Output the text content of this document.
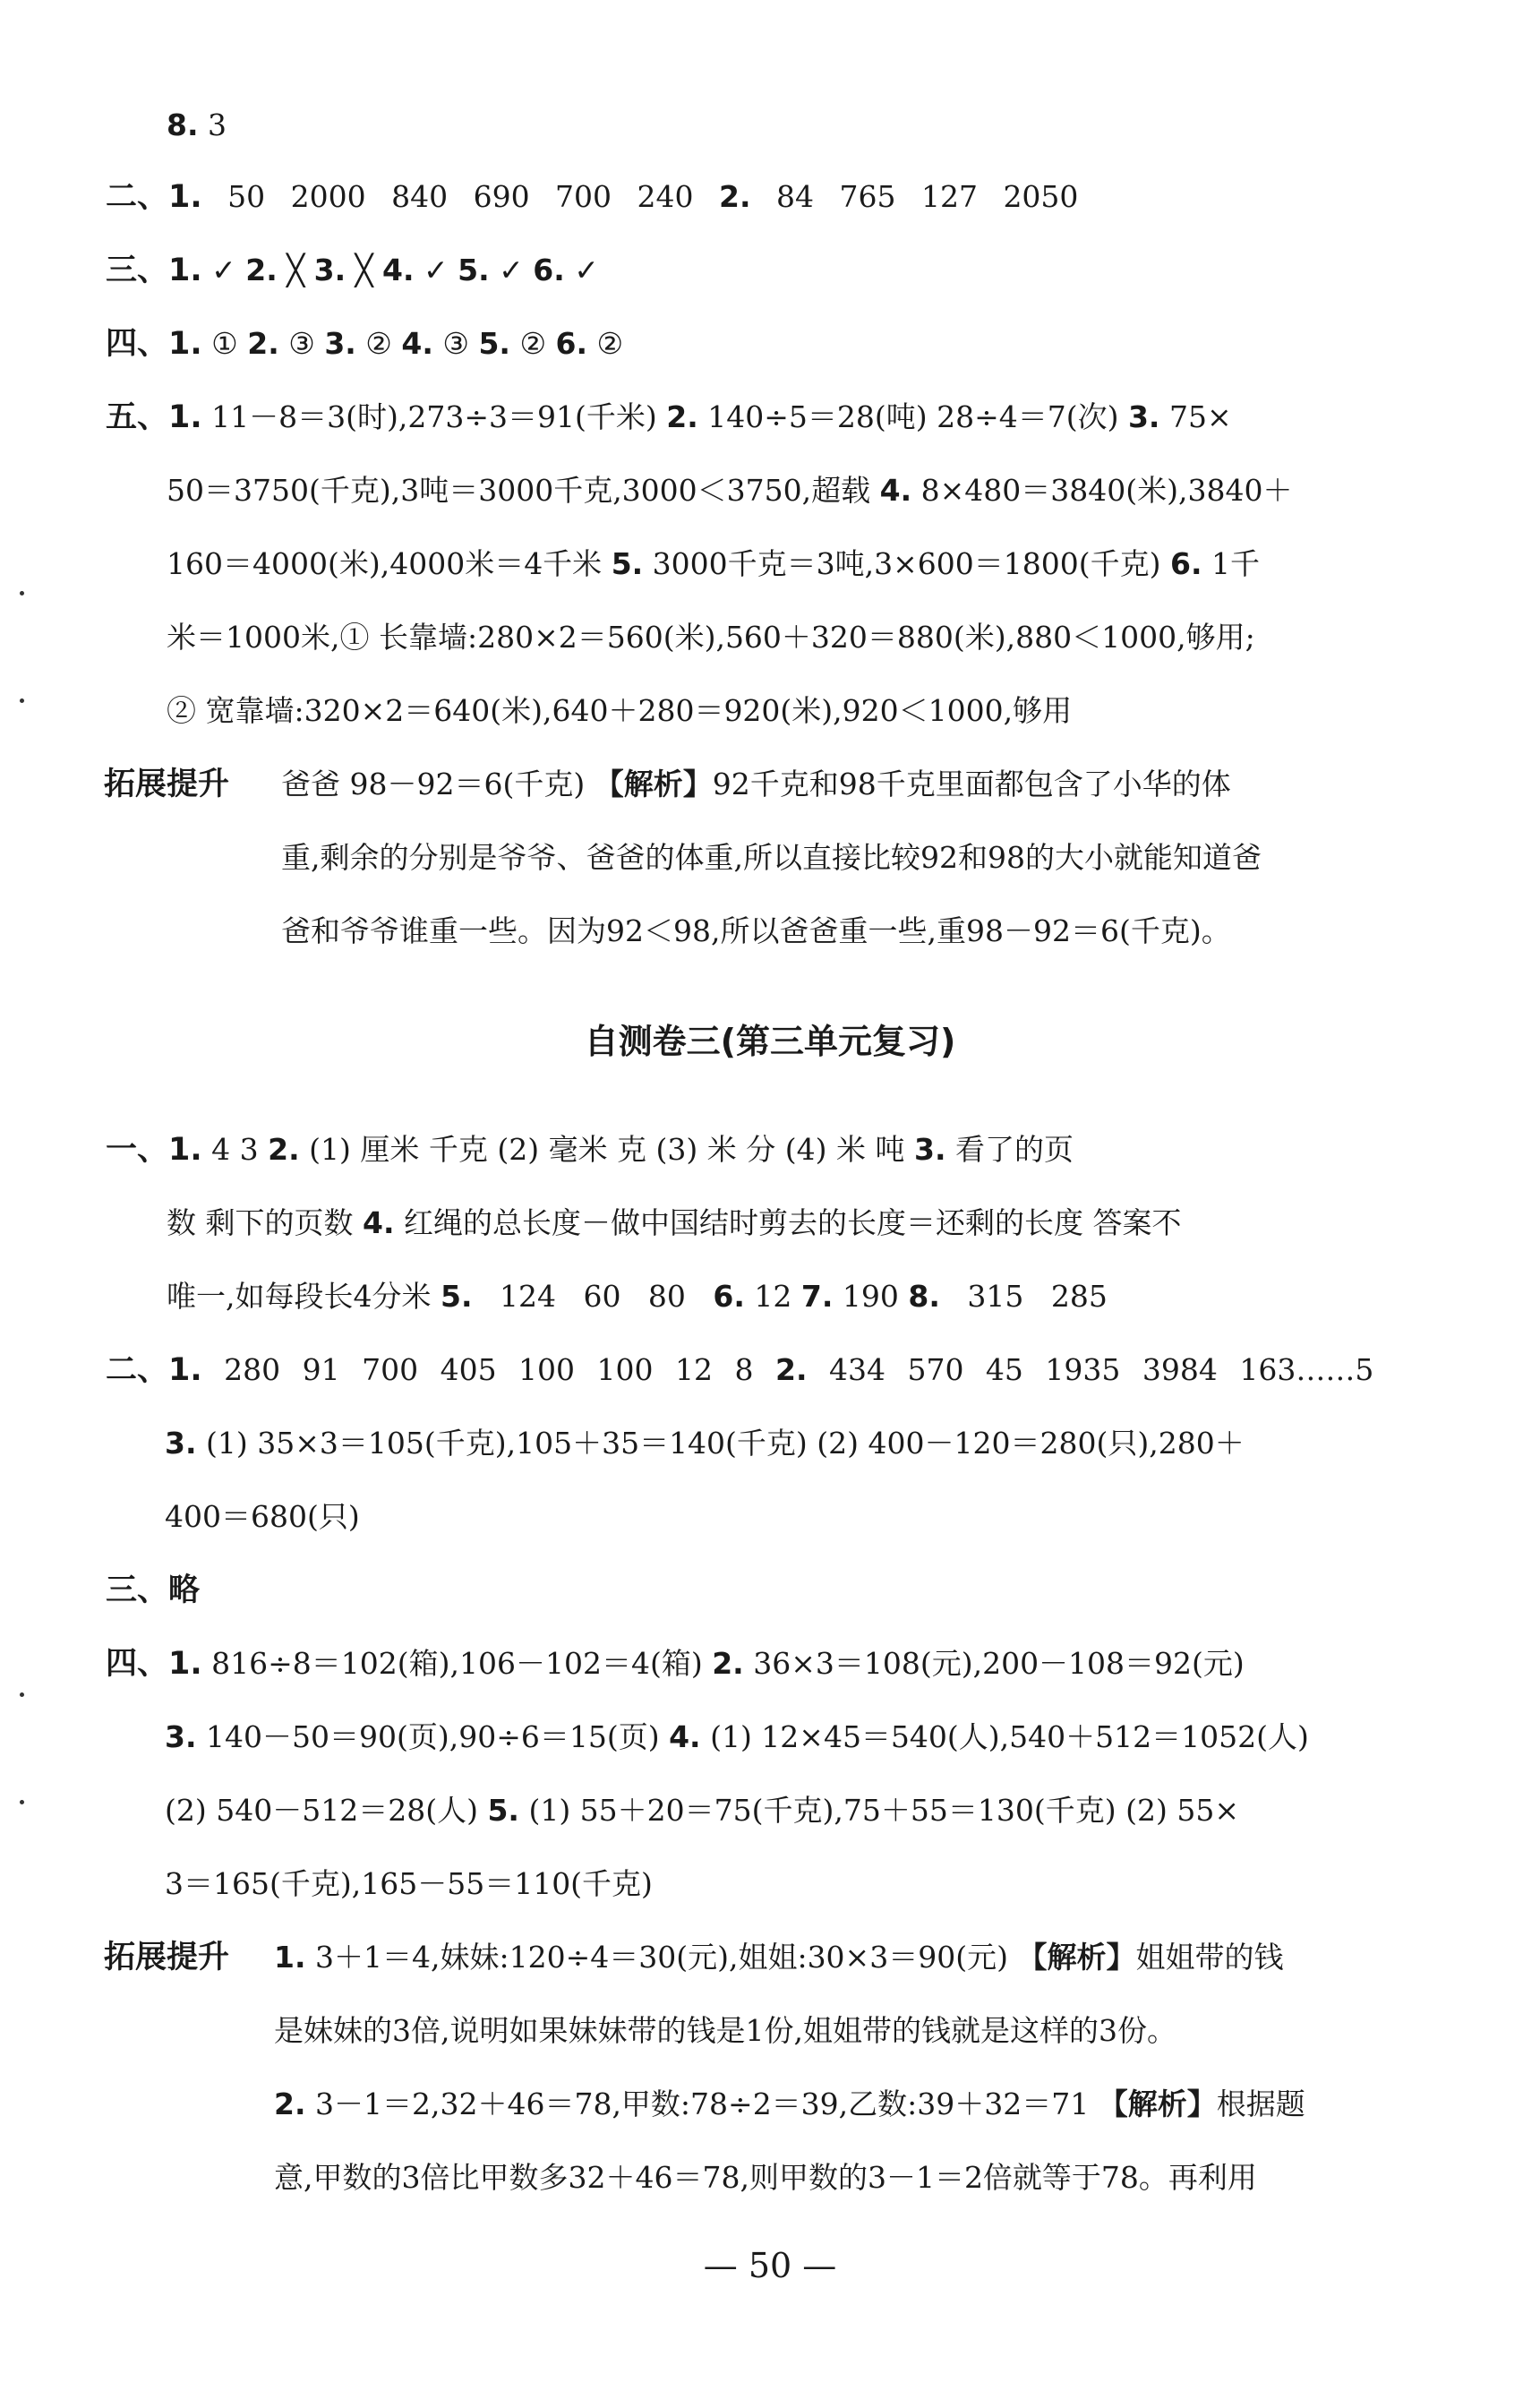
8. 3
二、1. 50 2000 840 690 700 240 2. 84 765 127 2050
三、1. ✓ 2. ╳ 3. ╳ 4. ✓ 5. ✓ 6. ✓
四、1. ① 2. ③ 3. ② 4. ③ 5. ② 6. ②
五、1. 11－8＝3(时),273÷3＝91(千米) 2. 140÷5＝28(吨) 28÷4＝7(次) 3. 75×
50＝3750(千克),3吨＝3000千克,3000＜3750,超载 4. 8×480＝3840(米),3840＋
160＝4000(米),4000米＝4千米 5. 3000千克＝3吨,3×600＝1800(千克) 6. 1千
米＝1000米,① 长靠墙:280×2＝560(米),560＋320＝880(米),880＜1000,够用;
② 宽靠墙:320×2＝640(米),640＋280＝920(米),920＜1000,够用
拓展提升 爸爸 98－92＝6(千克) 【解析】92千克和98千克里面都包含了小华的体
重,剩余的分别是爷爷、爸爸的体重,所以直接比较92和98的大小就能知道爸
爸和爷爷谁重一些。因为92＜98,所以爸爸重一些,重98－92＝6(千克)。
自测卷三(第三单元复习)
一、1. 4 3 2. (1) 厘米 千克 (2) 毫米 克 (3) 米 分 (4) 米 吨 3. 看了的页
数 剩下的页数 4. 红绳的总长度－做中国结时剪去的长度＝还剩的长度 答案不
唯一,如每段长4分米 5. 124 60 80 6. 12 7. 190 8. 315 285
二、1. 280 91 700 405 100 100 12 8 2. 434 570 45 1935 3984 163……5
3. (1) 35×3＝105(千克),105＋35＝140(千克) (2) 400－120＝280(只),280＋
400＝680(只)
三、略
四、1. 816÷8＝102(箱),106－102＝4(箱) 2. 36×3＝108(元),200－108＝92(元)
3. 140－50＝90(页),90÷6＝15(页) 4. (1) 12×45＝540(人),540＋512＝1052(人)
(2) 540－512＝28(人) 5. (1) 55＋20＝75(千克),75＋55＝130(千克) (2) 55×
3＝165(千克),165－55＝110(千克)
拓展提升 1. 3＋1＝4,妹妹:120÷4＝30(元),姐姐:30×3＝90(元) 【解析】姐姐带的钱
是妹妹的3倍,说明如果妹妹带的钱是1份,姐姐带的钱就是这样的3份。
2. 3－1＝2,32＋46＝78,甲数:78÷2＝39,乙数:39＋32＝71 【解析】根据题
意,甲数的3倍比甲数多32＋46＝78,则甲数的3－1＝2倍就等于78。再利用
— 50 —
